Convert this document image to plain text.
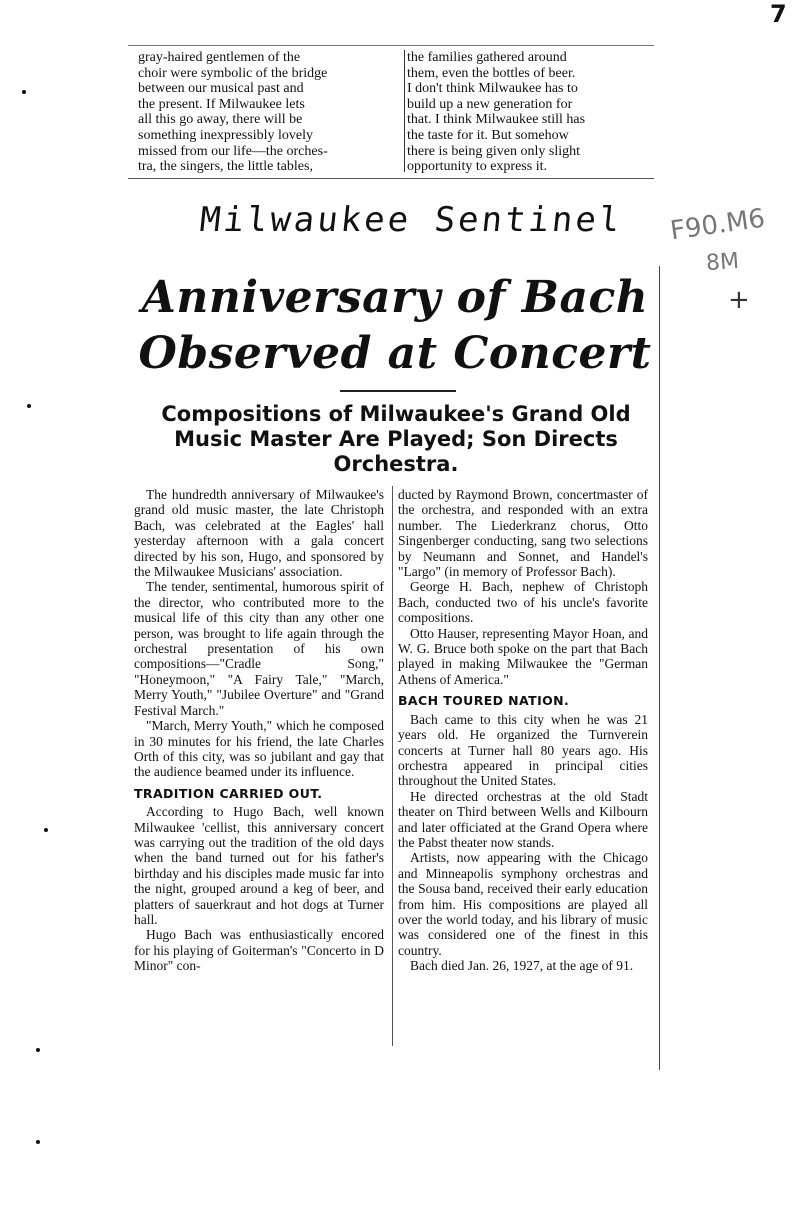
7
gray-haired gentlemen of the
choir were symbolic of the bridge
between our musical past and
the present. If Milwaukee lets
all this go away, there will be
something inexpressibly lovely
missed from our life—the orches-
tra, the singers, the little tables,
the families gathered around
them, even the bottles of beer.
I don't think Milwaukee has to
build up a new generation for
that. I think Milwaukee still has
the taste for it. But somehow
there is being given only slight
opportunity to express it.
Milwaukee Sentinel F90.M6
8M
+
Anniversary of Bach
Observed at Concert
Compositions of Milwaukee's Grand Old Music Master Are Played; Son Directs Orchestra.

The hundredth anniversary of Milwaukee's grand old music master, the late Christoph Bach, was celebrated at the Eagles' hall yesterday afternoon with a gala concert directed by his son, Hugo, and sponsored by the Milwaukee Musicians' association.

The tender, sentimental, humorous spirit of the director, who contributed more to the musical life of this city than any other one person, was brought to life again through the orchestral presentation of his own compositions—"Cradle Song," "Honeymoon," "A Fairy Tale," "March, Merry Youth," "Jubilee Overture" and "Grand Festival March."

"March, Merry Youth," which he composed in 30 minutes for his friend, the late Charles Orth of this city, was so jubilant and gay that the audience beamed under its influence.

TRADITION CARRIED OUT.

According to Hugo Bach, well known Milwaukee 'cellist, this anniversary concert was carrying out the tradition of the old days when the band turned out for his father's birthday and his disciples made music far into the night, grouped around a keg of beer, and platters of sauerkraut and hot dogs at Turner hall.

Hugo Bach was enthusiastically encored for his playing of Goiterman's "Concerto in D Minor" con-

ducted by Raymond Brown, concertmaster of the orchestra, and responded with an extra number. The Liederkranz chorus, Otto Singenberger conducting, sang two selections by Neumann and Sonnet, and Handel's "Largo" (in memory of Professor Bach).

George H. Bach, nephew of Christoph Bach, conducted two of his uncle's favorite compositions.

Otto Hauser, representing Mayor Hoan, and W. G. Bruce both spoke on the part that Bach played in making Milwaukee the "German Athens of America."

BACH TOURED NATION.

Bach came to this city when he was 21 years old. He organized the Turnverein concerts at Turner hall 80 years ago. His orchestra appeared in principal cities throughout the United States.

He directed orchestras at the old Stadt theater on Third between Wells and Kilbourn and later officiated at the Grand Opera where the Pabst theater now stands.

Artists, now appearing with the Chicago and Minneapolis symphony orchestras and the Sousa band, received their early education from him. His compositions are played all over the world today, and his library of music was considered one of the finest in this country.

Bach died Jan. 26, 1927, at the age of 91.
